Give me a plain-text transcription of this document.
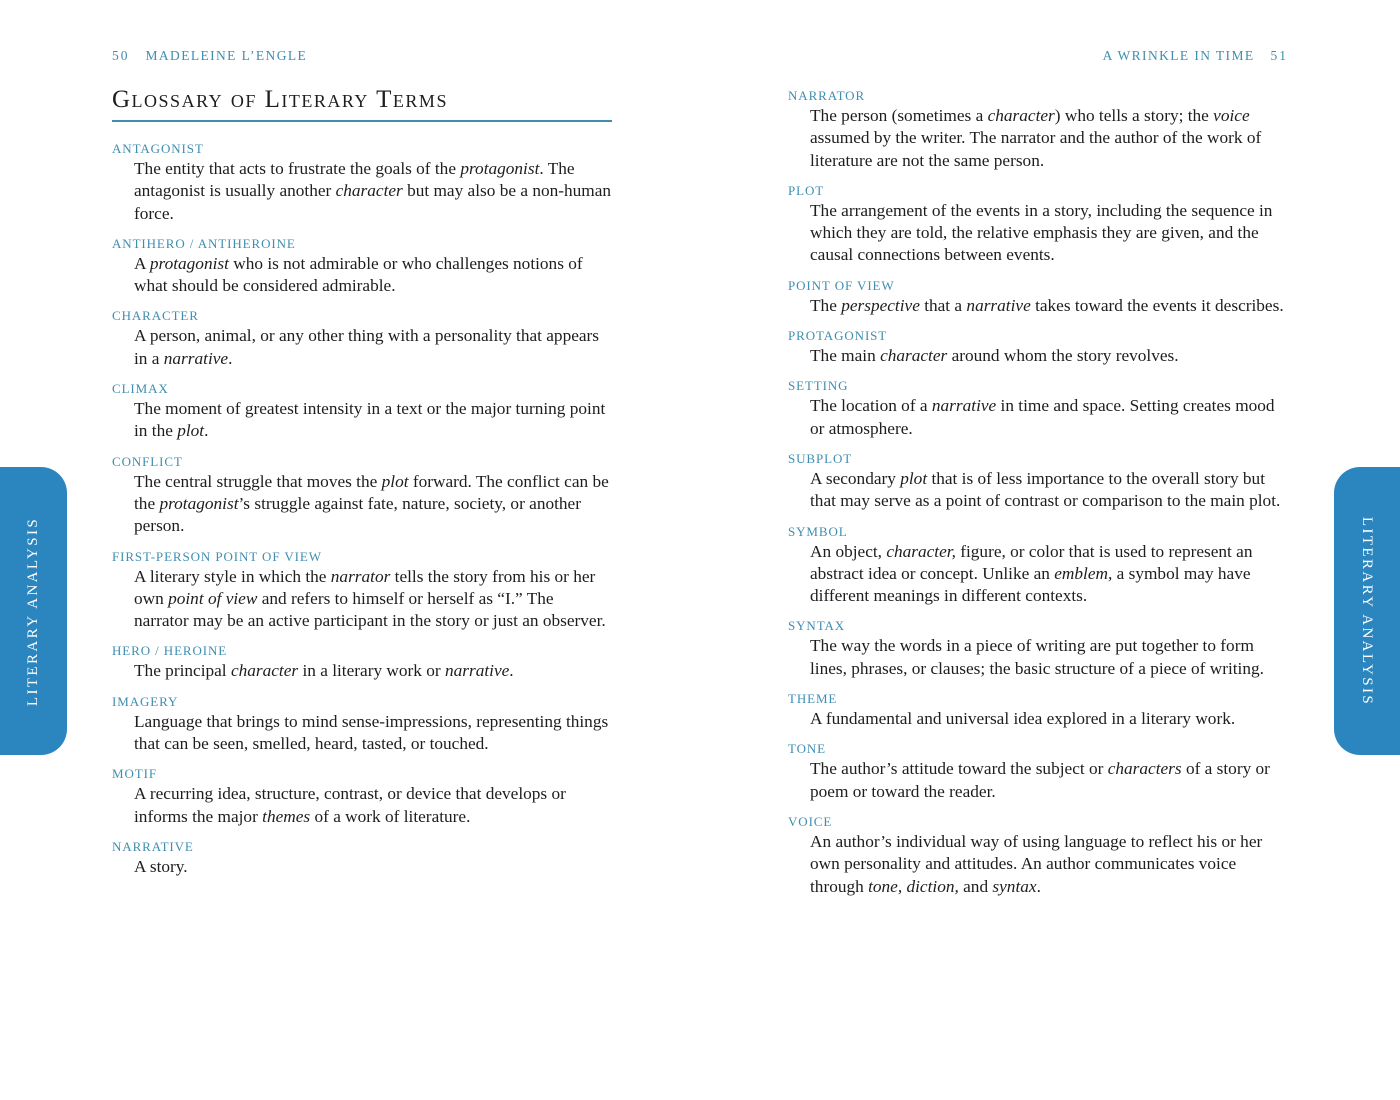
50 MADELEINE L’ENGLE	A WRINKLE IN TIME 51
Glossary of Literary Terms
ANTAGONIST
The entity that acts to frustrate the goals of the protagonist. The antagonist is usually another character but may also be a non-human force.
ANTIHERO / ANTIHEROINE
A protagonist who is not admirable or who challenges notions of what should be considered admirable.
CHARACTER
A person, animal, or any other thing with a personality that appears in a narrative.
CLIMAX
The moment of greatest intensity in a text or the major turning point in the plot.
CONFLICT
The central struggle that moves the plot forward. The conflict can be the protagonist’s struggle against fate, nature, society, or another person.
FIRST-PERSON POINT OF VIEW
A literary style in which the narrator tells the story from his or her own point of view and refers to himself or herself as “I.” The narrator may be an active participant in the story or just an observer.
HERO / HEROINE
The principal character in a literary work or narrative.
IMAGERY
Language that brings to mind sense-impressions, representing things that can be seen, smelled, heard, tasted, or touched.
MOTIF
A recurring idea, structure, contrast, or device that develops or informs the major themes of a work of literature.
NARRATIVE
A story.
NARRATOR
The person (sometimes a character) who tells a story; the voice assumed by the writer. The narrator and the author of the work of literature are not the same person.
PLOT
The arrangement of the events in a story, including the sequence in which they are told, the relative emphasis they are given, and the causal connections between events.
POINT OF VIEW
The perspective that a narrative takes toward the events it describes.
PROTAGONIST
The main character around whom the story revolves.
SETTING
The location of a narrative in time and space. Setting creates mood or atmosphere.
SUBPLOT
A secondary plot that is of less importance to the overall story but that may serve as a point of contrast or comparison to the main plot.
SYMBOL
An object, character, figure, or color that is used to represent an abstract idea or concept. Unlike an emblem, a symbol may have different meanings in different contexts.
SYNTAX
The way the words in a piece of writing are put together to form lines, phrases, or clauses; the basic structure of a piece of writing.
THEME
A fundamental and universal idea explored in a literary work.
TONE
The author’s attitude toward the subject or characters of a story or poem or toward the reader.
VOICE
An author’s individual way of using language to reflect his or her own personality and attitudes. An author communicates voice through tone, diction, and syntax.
LITERARY ANALYSIS	LITERARY ANALYSIS
